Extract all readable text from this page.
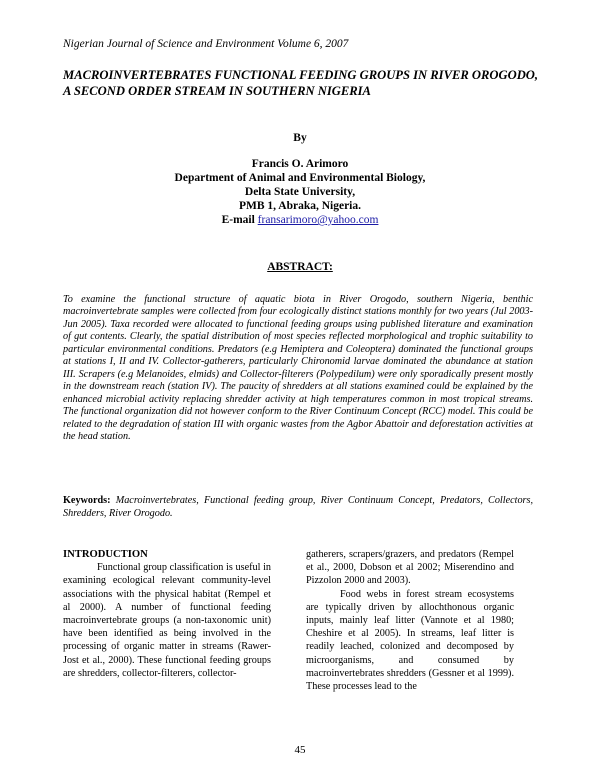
Nigerian Journal of Science and Environment Volume 6, 2007
MACROINVERTEBRATES FUNCTIONAL FEEDING GROUPS IN RIVER OROGODO, A SECOND ORDER STREAM IN SOUTHERN NIGERIA
By
Francis O. Arimoro
Department of Animal and Environmental Biology,
Delta State University,
PMB 1, Abraka, Nigeria.
E-mail fransarimoro@yahoo.com
ABSTRACT:

To examine the functional structure of aquatic biota in River Orogodo, southern Nigeria, benthic macroinvertebrate samples were collected from four ecologically distinct stations monthly for two years (Jul 2003-Jun 2005). Taxa recorded were allocated to functional feeding groups using published literature and examination of gut contents. Clearly, the spatial distribution of most species reflected morphological and trophic suitability to particular environmental conditions. Predators (e.g Hemiptera and Coleoptera) dominated the functional groups at stations I, II and IV. Collector-gatherers, particularly Chironomid larvae dominated the abundance at station III. Scrapers (e.g Melanoides, elmids) and Collector-filterers (Polypedilum) were only sporadically present mostly in the downstream reach (station IV). The paucity of shredders at all stations examined could be explained by the enhanced microbial activity replacing shredder activity at high temperatures common in most tropical streams. The functional organization did not however conform to the River Continuum Concept (RCC) model. This could be related to the degradation of station III with organic wastes from the Agbor Abattoir and deforestation activities at the head station.

Keywords: Macroinvertebrates, Functional feeding group, River Continuum Concept, Predators, Collectors, Shredders, River Orogodo.

INTRODUCTION

Functional group classification is useful in examining ecological relevant community-level associations with the physical habitat (Rempel et al 2000). A number of functional feeding macroinvertebrate groups (a non-taxonomic unit) have been identified as being involved in the processing of organic matter in streams (Rawer-Jost et al., 2000). These functional feeding groups are shredders, collector-filterers, collector-

gatherers, scrapers/grazers, and predators (Rempel et al., 2000, Dobson et al 2002; Miserendino and Pizzolon 2000 and 2003).

Food webs in forest stream ecosystems are typically driven by allochthonous organic inputs, mainly leaf litter (Vannote et al 1980; Cheshire et al 2005). In streams, leaf litter is readily leached, colonized and decomposed by microorganisms, and consumed by macroinvertebrates shredders (Gessner et al 1999). These processes lead to the

45
